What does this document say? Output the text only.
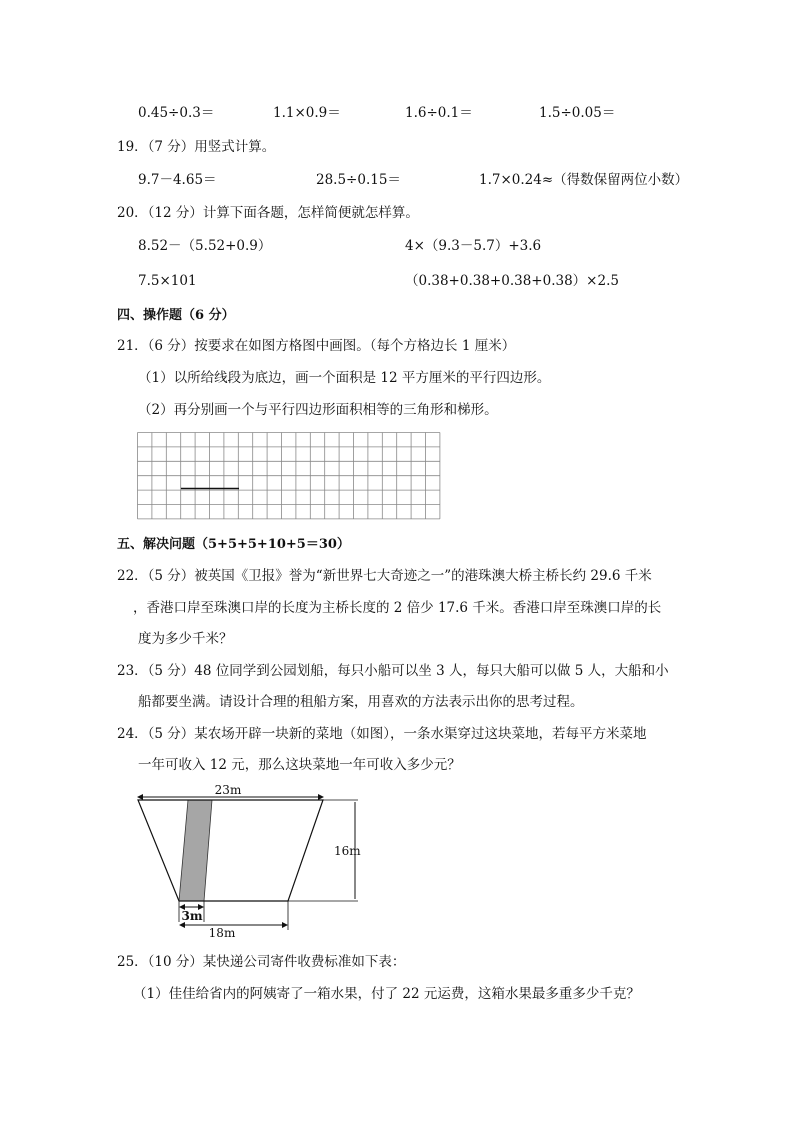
0.45÷0.3＝	1.1×0.9＝	1.6÷0.1＝	1.5÷0.05＝
19．（7 分）用竖式计算。
9.7－4.65＝	28.5÷0.15＝	1.7×0.24≈（得数保留两位小数）
20．（12 分）计算下面各题，怎样简便就怎样算。
8.52－（5.52+0.9）	4×（9.3－5.7）+3.6
7.5×101	（0.38+0.38+0.38+0.38）×2.5
四、操作题（6 分）
21．（6 分）按要求在如图方格图中画图。（每个方格边长 1 厘米）
（1）以所给线段为底边，画一个面积是 12 平方厘米的平行四边形。
（2）再分别画一个与平行四边形面积相等的三角形和梯形。
五、解决问题（5+5+5+10+5＝30）
22．（5 分）被英国《卫报》誉为“新世界七大奇迹之一”的港珠澳大桥主桥长约 29.6 千米
，香港口岸至珠澳口岸的长度为主桥长度的 2 倍少 17.6 千米。香港口岸至珠澳口岸的长
度为多少千米？
23．（5 分）48 位同学到公园划船，每只小船可以坐 3 人，每只大船可以做 5 人，大船和小
船都要坐满。请设计合理的租船方案，用喜欢的方法表示出你的思考过程。
24．（5 分）某农场开辟一块新的菜地（如图），一条水渠穿过这块菜地，若每平方米菜地
一年可收入 12 元，那么这块菜地一年可收入多少元？
23m
16m
3m
18m
25．（10 分）某快递公司寄件收费标准如下表：
（1）佳佳给省内的阿姨寄了一箱水果，付了 22 元运费，这箱水果最多重多少千克？
